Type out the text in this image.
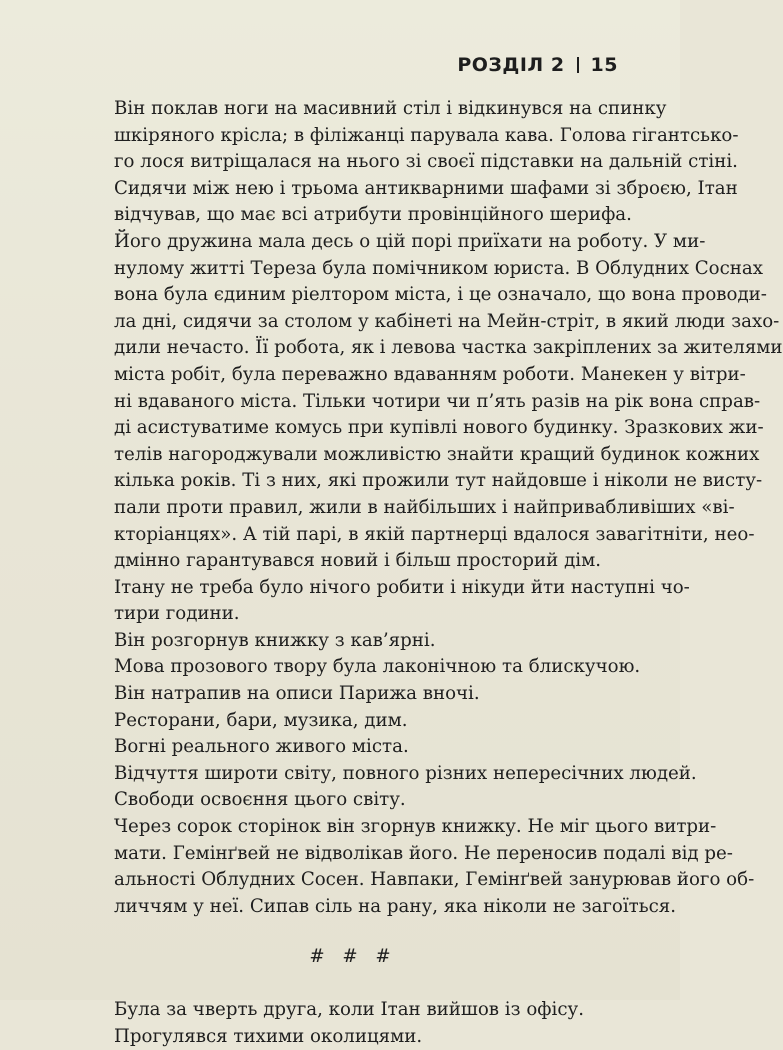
РОЗДІЛ 2 15
Він поклав ноги на масивний стіл і відкинувся на спинку
шкіряного крісла; в філіжанці парувала кава. Голова гігантсько-
го лося витріщалася на нього зі своєї підставки на дальній стіні.
Сидячи між нею і трьома антикварними шафами зі зброєю, Ітан
відчував, що має всі атрибути провінційного шерифа.
Його дружина мала десь о цій порі приїхати на роботу. У ми-
нулому житті Тереза була помічником юриста. В Облудних Соснах
вона була єдиним ріелтором міста, і це означало, що вона проводи-
ла дні, сидячи за столом у кабінеті на Мейн-стріт, в який люди захо-
дили нечасто. Її робота, як і левова частка закріплених за жителями
міста робіт, була переважно вдаванням роботи. Манекен у вітри-
ні вдаваного міста. Тільки чотири чи п’ять разів на рік вона справ-
ді асистуватиме комусь при купівлі нового будинку. Зразкових жи-
телів нагороджували можливістю знайти кращий будинок кожних
кілька років. Ті з них, які прожили тут найдовше і ніколи не висту-
пали проти правил, жили в найбільших і найпривабливіших «ві-
кторіанцях». А тій парі, в якій партнерці вдалося завагітніти, нео-
дмінно гарантувався новий і більш просторий дім.
Ітану не треба було нічого робити і нікуди йти наступні чо-
тири години.
Він розгорнув книжку з кав’ярні.
Мова прозового твору була лаконічною та блискучою.
Він натрапив на описи Парижа вночі.
Ресторани, бари, музика, дим.
Вогні реального живого міста.
Відчуття широти світу, повного різних непересічних людей.
Свободи освоєння цього світу.
Через сорок сторінок він згорнув книжку. Не міг цього витри-
мати. Гемінґвей не відволікав його. Не переносив подалі від ре-
альності Облудних Сосен. Навпаки, Гемінґвей занурював його об-
личчям у неї. Сипав сіль на рану, яка ніколи не загоїться.
# # #
Була за чверть друга, коли Ітан вийшов із офісу.
Прогулявся тихими околицями.
